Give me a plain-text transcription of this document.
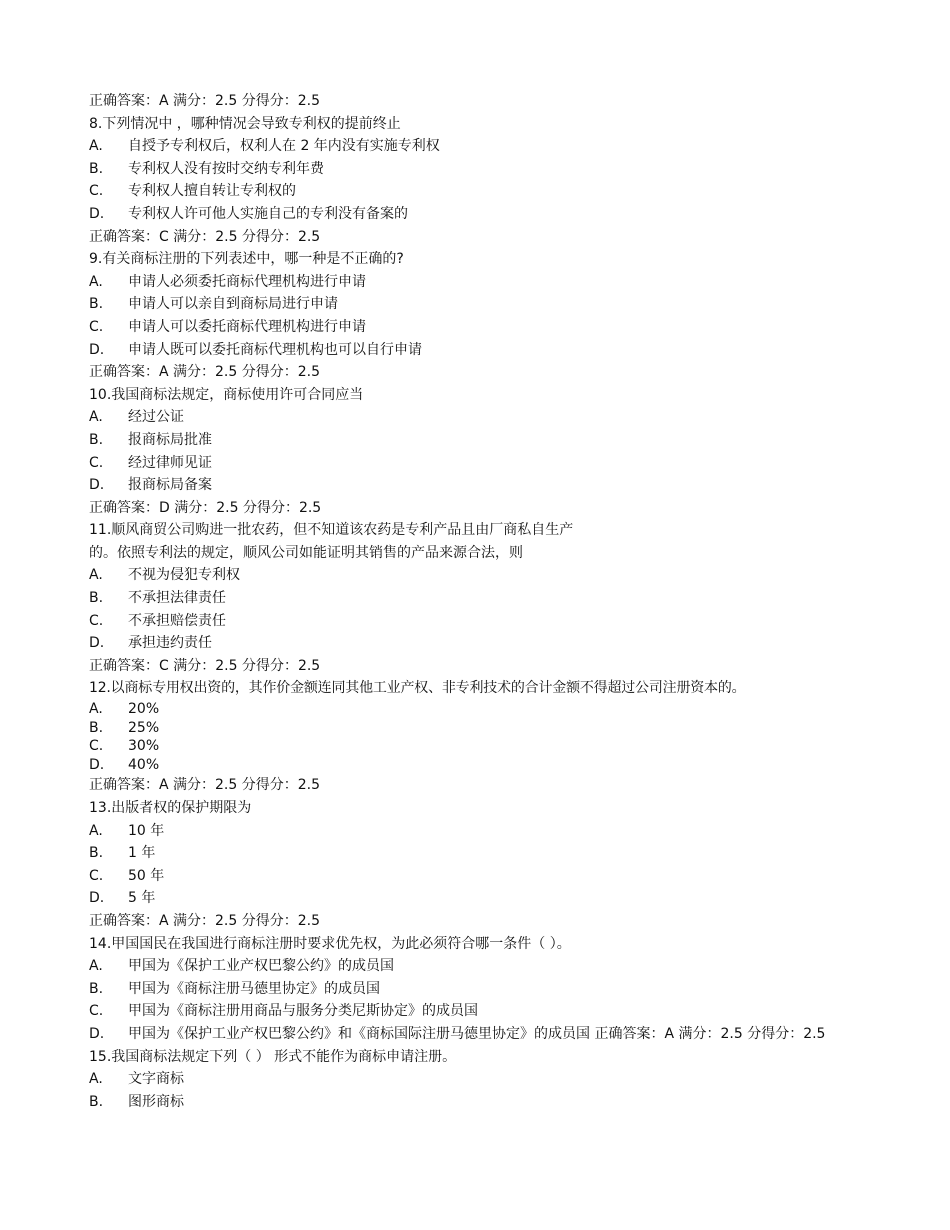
正确答案：A 满分：2.5 分得分：2.5
8.下列情况中 ，哪种情况会导致专利权的提前终止
A.	自授予专利权后，权利人在 2 年内没有实施专利权
B.	专利权人没有按时交纳专利年费
C.	专利权人擅自转让专利权的
D.	专利权人许可他人实施自己的专利没有备案的
正确答案：C 满分：2.5 分得分：2.5
9.有关商标注册的下列表述中，哪一种是不正确的?
A.	申请人必须委托商标代理机构进行申请
B.	申请人可以亲自到商标局进行申请
C.	申请人可以委托商标代理机构进行申请
D.	申请人既可以委托商标代理机构也可以自行申请
正确答案：A 满分：2.5 分得分：2.5
10.我国商标法规定，商标使用许可合同应当
A.	经过公证
B.	报商标局批准
C.	经过律师见证
D.	报商标局备案
正确答案：D 满分：2.5 分得分：2.5
11.顺风商贸公司购进一批农药，但不知道该农药是专利产品且由厂商私自生产
的。依照专利法的规定，顺风公司如能证明其销售的产品来源合法，则
A.	不视为侵犯专利权
B.	不承担法律责任
C.	不承担赔偿责任
D.	承担违约责任
正确答案：C 满分：2.5 分得分：2.5
12.以商标专用权出资的，其作价金额连同其他工业产权、非专利技术的合计金额不得超过公司注册资本的。
A.	20%
B.	25%
C.	30%
D.	40%
正确答案：A 满分：2.5 分得分：2.5
13.出版者权的保护期限为
A.	10 年
B.	1 年
C.	50 年
D.	5 年
正确答案：A 满分：2.5 分得分：2.5
14.甲国国民在我国进行商标注册时要求优先权，为此必须符合哪一条件（ ）。
A.	甲国为《保护工业产权巴黎公约》的成员国
B.	甲国为《商标注册马德里协定》的成员国
C.	甲国为《商标注册用商品与服务分类尼斯协定》的成员国
D.	甲国为《保护工业产权巴黎公约》和《商标国际注册马德里协定》的成员国 正确答案：A 满分：2.5 分得分：2.5
15.我国商标法规定下列（ ） 形式不能作为商标申请注册。
A.	文字商标
B.	图形商标
